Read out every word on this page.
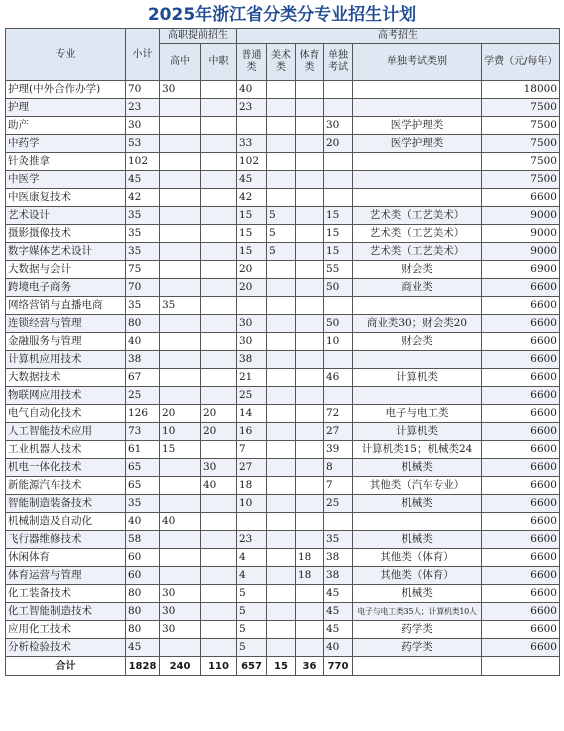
2025年浙江省分类分专业招生计划
专业	小计	高职提前招生		高考招生					
		高中	中职	普通类	美术类	体育类	单独考试	单独考试类别	学费（元/每年）
护理(中外合作办学)	70	30		40					18000
护理	23			23					7500
助产	30						30	医学护理类	7500
中药学	53			33			20	医学护理类	7500
针灸推拿	102			102					7500
中医学	45			45					7500
中医康复技术	42			42					6600
艺术设计	35			15	5		15	艺术类（工艺美术）	9000
摄影摄像技术	35			15	5		15	艺术类（工艺美术）	9000
数字媒体艺术设计	35			15	5		15	艺术类（工艺美术）	9000
大数据与会计	75			20			55	财会类	6900
跨境电子商务	70			20			50	商业类	6600
网络营销与直播电商	35	35							6600
连锁经营与管理	80			30			50	商业类30；财会类20	6600
金融服务与管理	40			30			10	财会类	6600
计算机应用技术	38			38					6600
大数据技术	67			21			46	计算机类	6600
物联网应用技术	25			25					6600
电气自动化技术	126	20	20	14			72	电子与电工类	6600
人工智能技术应用	73	10	20	16			27	计算机类	6600
工业机器人技术	61	15		7			39	计算机类15；机械类24	6600
机电一体化技术	65		30	27			8	机械类	6600
新能源汽车技术	65		40	18			7	其他类（汽车专业）	6600
智能制造装备技术	35			10			25	机械类	6600
机械制造及自动化	40	40							6600
飞行器维修技术	58			23			35	机械类	6600
休闲体育	60			4		18	38	其他类（体育）	6600
体育运营与管理	60			4		18	38	其他类（体育）	6600
化工装备技术	80	30		5			45	机械类	6600
化工智能制造技术	80	30		5			45	电子与电工类35人；计算机类10人	6600
应用化工技术	80	30		5			45	药学类	6600
分析检验技术	45			5			40	药学类	6600
合计	1828	240	110	657	15	36	770		
